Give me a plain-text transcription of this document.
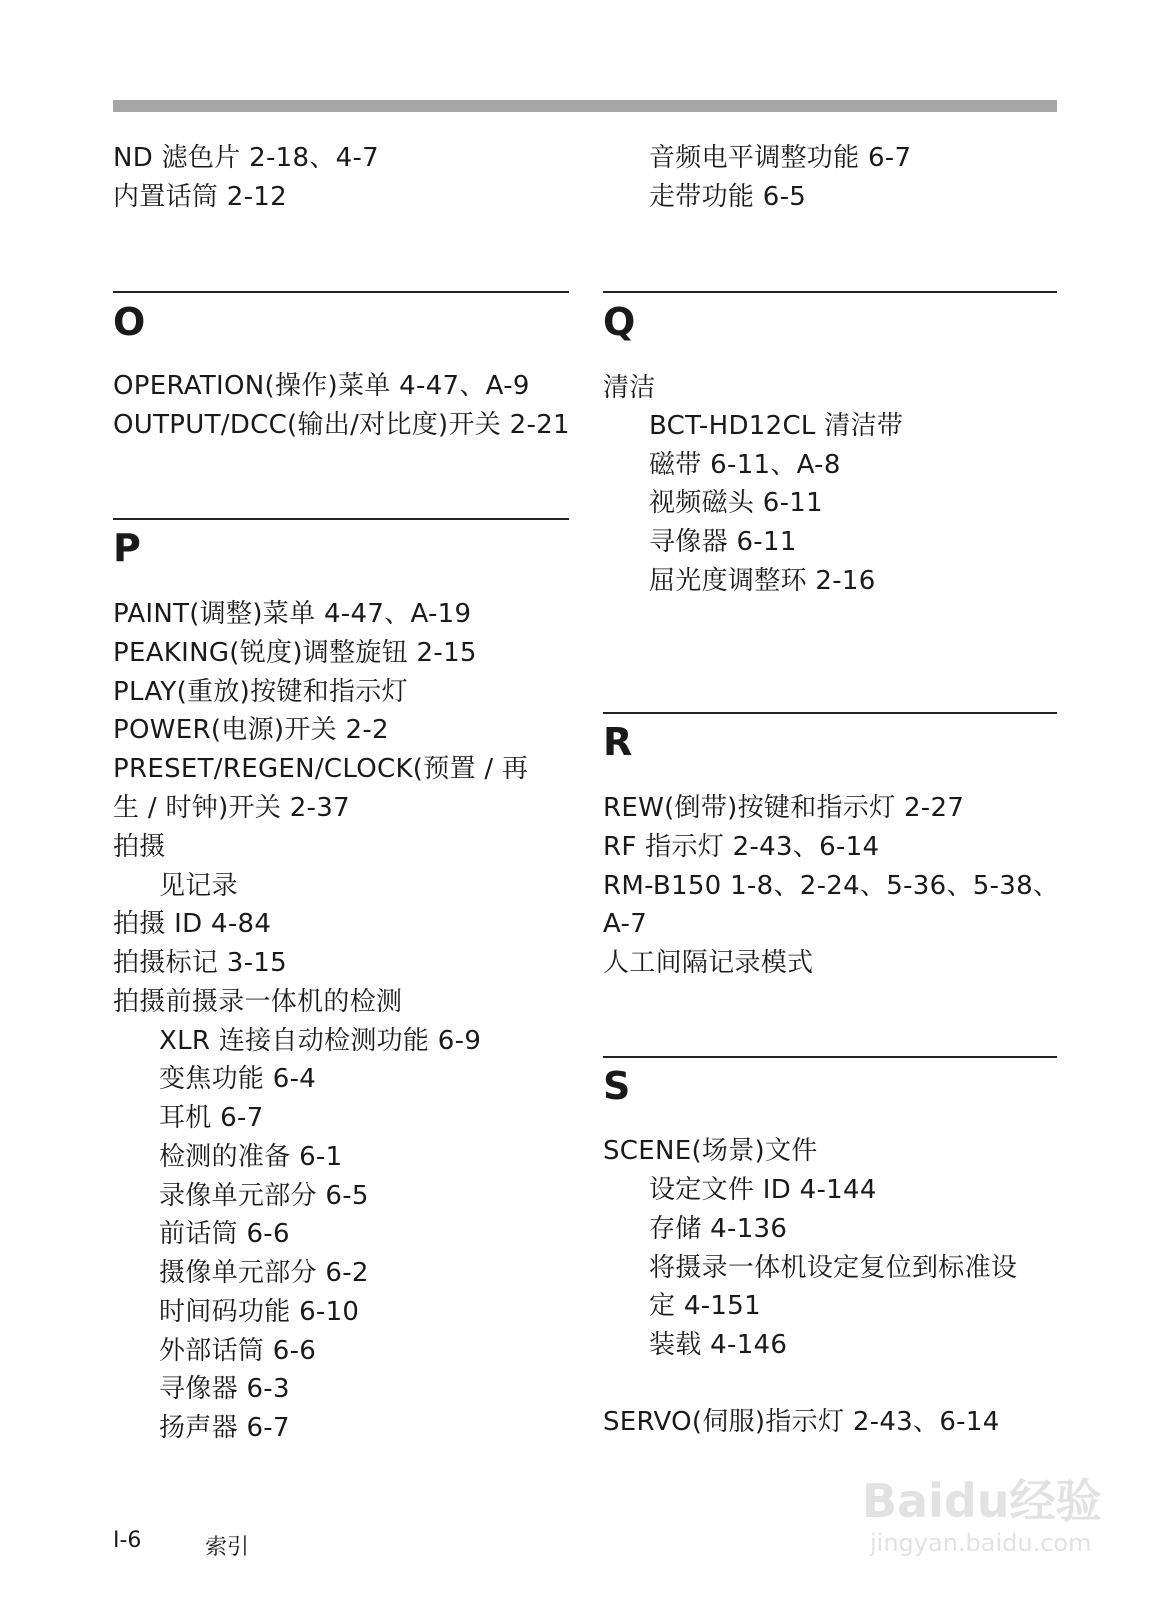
ND 滤色片 2-18、4-7
内置话筒 2-12
O
OPERATION(操作)菜单 4-47、A-9
OUTPUT/DCC(输出/对比度)开关 2-21
P
PAINT(调整)菜单 4-47、A-19
PEAKING(锐度)调整旋钮 2-15
PLAY(重放)按键和指示灯
POWER(电源)开关 2-2
PRESET/REGEN/CLOCK(预置 / 再
生 / 时钟)开关 2-37
拍摄
见记录
拍摄 ID 4-84
拍摄标记 3-15
拍摄前摄录一体机的检测
XLR 连接自动检测功能 6-9
变焦功能 6-4
耳机 6-7
检测的准备 6-1
录像单元部分 6-5
前话筒 6-6
摄像单元部分 6-2
时间码功能 6-10
外部话筒 6-6
寻像器 6-3
扬声器 6-7
音频电平调整功能 6-7
走带功能 6-5
Q
清洁
BCT-HD12CL 清洁带
磁带 6-11、A-8
视频磁头 6-11
寻像器 6-11
屈光度调整环 2-16
R
REW(倒带)按键和指示灯 2-27
RF 指示灯 2-43、6-14
RM-B150 1-8、2-24、5-36、5-38、
A-7
人工间隔记录模式
S
SCENE(场景)文件
设定文件 ID 4-144
存储 4-136
将摄录一体机设定复位到标准设
定 4-151
装载 4-146
SERVO(伺服)指示灯 2-43、6-14
I-6	索引
Baidu经验
jingyan.baidu.com
